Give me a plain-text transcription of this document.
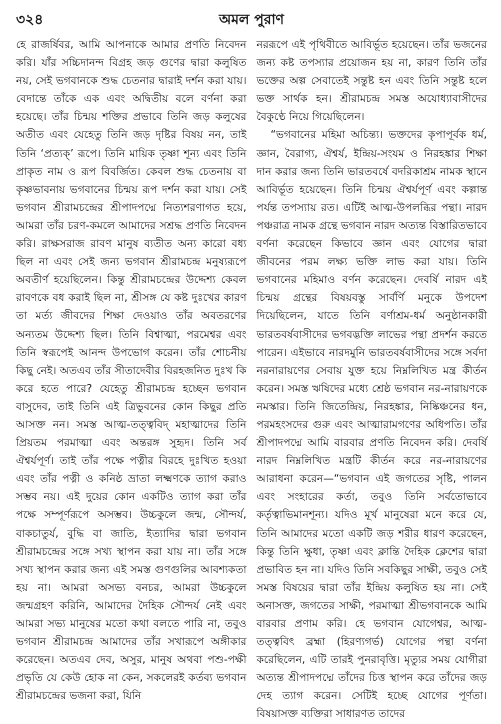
৩২৪	অমল পুরাণ

হে রাজর্ষিবর, আমি আপনাকে আমার প্রণতি নিবেদন করি। যাঁর সচ্চিদানন্দ বিগ্রহ জড় গুণের দ্বারা কলুষিত নয়, সেই ভগবানকে শুদ্ধ চেতনার দ্বারাই দর্শন করা যায়। বেদান্তে তাঁকে এক এবং অদ্বিতীয় বলে বর্ণনা করা হয়েছে। তাঁর চিন্ময় শক্তির প্রভাবে তিনি জড় কলুষের অতীত এবং যেহেতু তিনি জড় দৃষ্টির বিষয় নন, তাই তিনি ‘প্রত্যক্’ রূপে। তিনি মায়িক তৃষ্ণা শূন্য এবং তিনি প্রাকৃত নাম ও রূপ বিবর্জিত। কেবল শুদ্ধ চেতনায় বা কৃষ্ণভাবনায় ভগবানের চিন্ময় রূপ দর্শন করা যায়। সেই ভগবান শ্রীরামচন্দ্রের শ্রীপাদপদ্মে নিত্যশরণাগত হয়ে, আমরা তাঁর চরণ-কমলে আমাদের সশ্রদ্ধ প্রণতি নিবেদন করি। রাক্ষসরাজ রাবণ মানুষ ব্যতীত অন্য কারো বধ্য ছিল না এবং সেই জন্য ভগবান শ্রীরামচন্দ্র মনুষ্যরূপে অবতীর্ণ হয়েছিলেন। কিন্তু শ্রীরামচন্দ্রের উদ্দেশ্য কেবল রাবণকে বধ করাই ছিল না, শ্রীসঙ্গ যে কষ্ট দুঃখের কারণ তা মর্ত্য জীবদের শিক্ষা দেওয়াও তাঁর অবতরণের অন্যতম উদ্দেশ্য ছিল। তিনি বিশ্বাত্মা, পরমেশ্বর এবং তিনি স্বরূপেই আনন্দ উপভোগ করেন। তাঁর শোচনীয় কিছু নেই। অতএব তাঁর সীতাদেবীর বিরহজনিত দুঃখ কি করে হতে পারে? যেহেতু শ্রীরামচন্দ্র হচ্ছেন ভগবান বাসুদেব, তাই তিনি এই ত্রিভুবনের কোন কিছুর প্রতি আসক্ত নন। সমস্ত আত্ম-তত্ত্ববিদ্ মহাত্মাদের তিনি প্রিয়তম পরমাত্মা এবং অন্তরঙ্গ সুহৃদ। তিনি সর্ব ঐশ্বর্যপূর্ণ। তাই তাঁর পক্ষে পত্নীর বিরহে দুঃখিত হওয়া এবং তাঁর পত্নী ও কনিষ্ঠ ভ্রাতা লক্ষ্মণকে ত্যাগ করাও সম্ভব নয়। এই দুয়ের কোন একটিও ত্যাগ করা তাঁর পক্ষে সম্পূর্ণরূপে অসম্ভব। উচ্চকুলে জন্ম, সৌন্দর্য, বাকচাতুর্য, বুদ্ধি বা জাতি, ইত্যাদির দ্বারা ভগবান শ্রীরামচন্দ্রের সঙ্গে সখ্য স্থাপন করা যায় না। তাঁর সঙ্গে সখ্য স্থাপন করার জন্য এই সমস্ত গুণগুলির আবশ্যকতা হয় না। আমরা অসভ্য বনচর, আমরা উচ্চকুলে জন্মগ্রহণ করিনি, আমাদের দৈহিক সৌন্দর্য নেই এবং আমরা সভ্য মানুষের মতো কথা বলতে পারি না, তবুও ভগবান শ্রীরামচন্দ্র আমাদের তাঁর সখারূপে অঙ্গীকার করেছেন। অতএব দেব, অসুর, মানুষ অথবা পশু-পক্ষী প্রভৃতি যে কেউ হোক না কেন, সকলেরই কর্তব্য ভগবান শ্রীরামচন্দ্রের ভজনা করা, যিনি

নররূপে এই পৃথিবীতে আবির্ভূত হয়েছেন। তাঁর ভজনের জন্য কষ্ট তপস্যার প্রয়োজন হয় না, কারণ তিনি তাঁর ভক্তের অল্প সেবাতেই সন্তুষ্ট হন এবং তিনি সন্তুষ্ট হলে ভক্ত সার্থক হন। শ্রীরামচন্দ্র সমস্ত অযোধ্যাবাসীদের বৈকুণ্ঠে নিয়ে গিয়েছিলেন।

“ভগবানের মহিমা অচিন্ত্য। ভক্তদের কৃপাপূর্বক ধর্ম, জ্ঞান, বৈরাগ্য, ঐশ্বর্য, ইন্দ্রিয়-সংযম ও নিরহঙ্কার শিক্ষা দান করার জন্য তিনি ভারতবর্ষে বদরিকাশ্রম নামক স্থানে আবির্ভূত হয়েছেন। তিনি চিন্ময় ঐশ্বর্যপূর্ণ এবং কল্পান্ত পর্যন্ত তপস্যায় রত। এটিই আত্ম-উপলব্ধির পন্থা। নারদ পঞ্চরাত্র নামক গ্রন্থে ভগবান নারদ অত্যন্ত বিস্তারিতভাবে বর্ণনা করেছেন কিভাবে জ্ঞান এবং যোগের দ্বারা জীবনের পরম লক্ষ্য ভক্তি লাভ করা যায়। তিনি ভগবানের মহিমাও বর্ণন করেছেন। দেবর্ষি নারদ এই চিন্ময় গ্রন্থের বিষয়বস্তু সার্বর্ণি মনুকে উপদেশ দিয়েছিলেন, যাতে তিনি বর্ণাশ্রম-ধর্ম অনুষ্ঠানকারী ভারতবর্ষবাসীদের ভগবদ্ভক্তি লাভের পন্থা প্রদর্শন করতে পারেন। এইভাবে নারদমুনি ভারতবর্ষবাসীদের সঙ্গে সর্বদা নরনারায়ণের সেবায় যুক্ত হয়ে নিম্নলিখিত মন্ত্র কীর্তন করেন। সমস্ত ঋষিদের মধ্যে শ্রেষ্ঠ ভগবান নর-নারায়ণকে নমস্কার। তিনি জিতেন্দ্রিয়, নিরহঙ্কার, নিষ্কিঞ্চনের ধন, পরমহংসদের গুরু এবং আত্মারামগণের অধিপতি। তাঁর শ্রীপাদপদ্মে আমি বারবার প্রণতি নিবেদন করি। দেবর্ষি নারদ নিম্নলিখিত মন্ত্রটি কীর্তন করে নর-নারায়ণের আরাধনা করেন—“ভগবান এই জগতের সৃষ্টি, পালন এবং সংহারের কর্তা, তবুও তিনি সর্বতোভাবে কর্তৃত্বাভিমানশূন্য। যদিও মূর্খ মানুষেরা মনে করে যে, তিনি আমাদের মতো একটি জড় শরীর ধারণ করেছেন, কিন্তু তিনি ক্ষুধা, তৃষ্ণা এবং ক্লান্তি দৈহিক ক্লেশের দ্বারা প্রভাবিত হন না। যদিও তিনি সবকিছুর সাক্ষী, তবুও সেই সমস্ত বিষয়ের দ্বারা তাঁর ইন্দ্রিয় কলুষিত হয় না। সেই অনাসক্ত, জগতের সাক্ষী, পরমাত্মা শ্রীভগবানকে আমি বারবার প্রণাম করি। হে ভগবান যোগেশ্বর, আত্ম-তত্ত্ববিৎ ব্রহ্মা (হিরণ্যগর্ভ) যোগের পন্থা বর্ণনা করেছিলেন, এটি তারই পুনরাবৃত্তি। মৃত্যুর সময় যোগীরা অত্যন্ত শ্রীপাদপদ্মে তাঁদের চিত্ত স্থাপন করে তাঁদের জড় দেহ ত্যাগ করেন। সেটিই হচ্ছে যোগের পূর্ণতা। বিষয়াসক্ত ব্যক্তিরা সাধারণত তাদের
